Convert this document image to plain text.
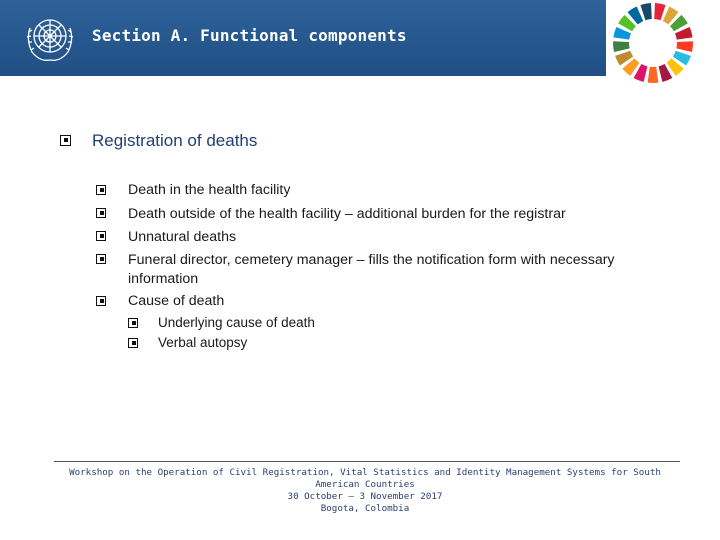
Section A. Functional components
Registration of deaths
Death in the health facility
Death outside of the health facility – additional burden for the registrar
Unnatural deaths
Funeral director, cemetery manager – fills the notification form with necessary information
Cause of death
Underlying cause of death
Verbal autopsy
Workshop on the Operation of Civil Registration, Vital Statistics and Identity Management Systems for South American Countries
30 October – 3 November 2017
Bogota, Colombia
